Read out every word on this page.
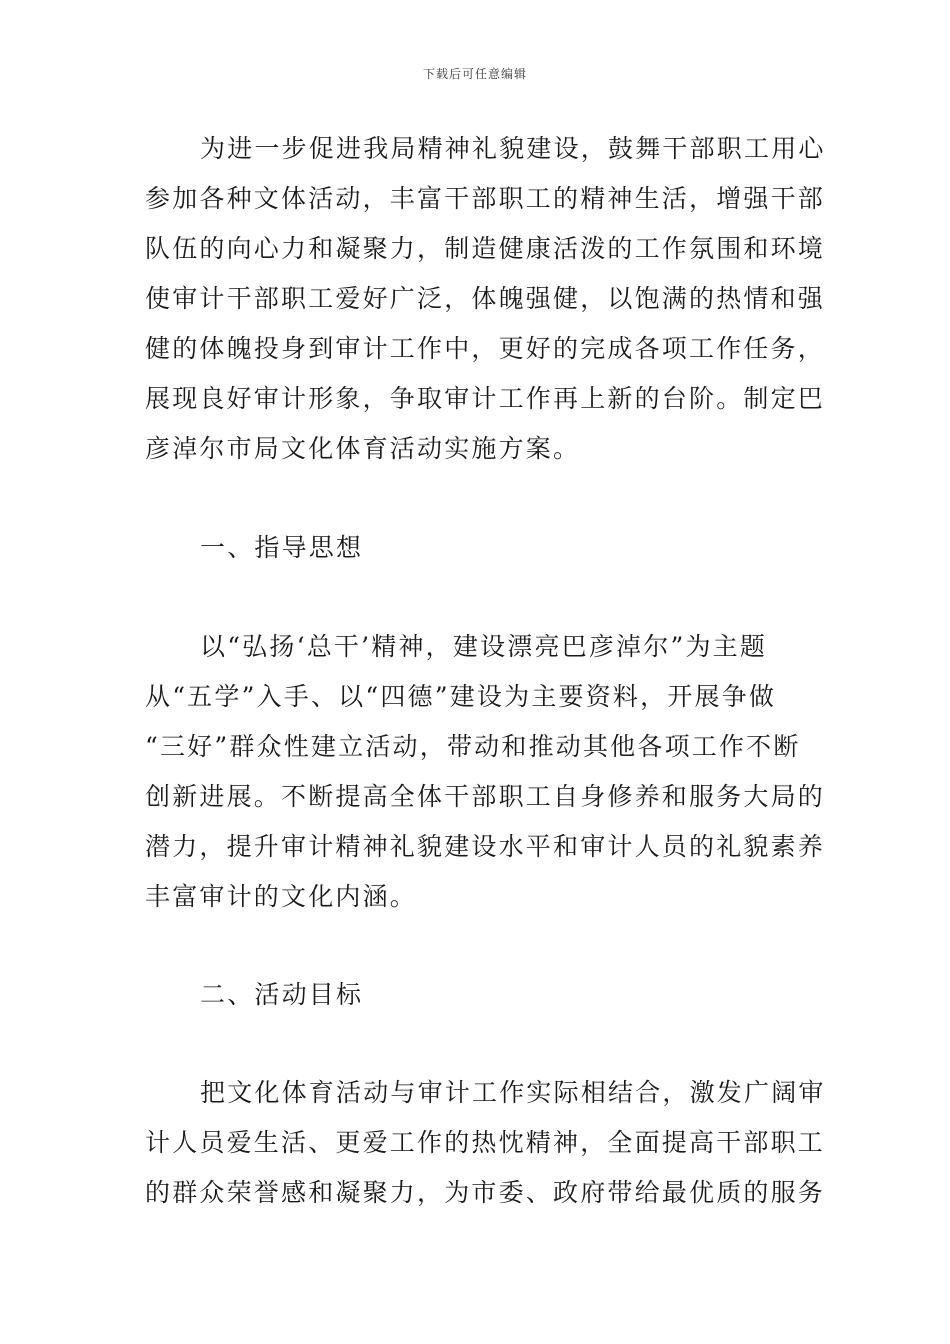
下载后可任意编辑
为进一步促进我局精神礼貌建设，鼓舞干部职工用心
参加各种文体活动，丰富干部职工的精神生活，增强干部
队伍的向心力和凝聚力，制造健康活泼的工作氛围和环境
使审计干部职工爱好广泛，体魄强健，以饱满的热情和强
健的体魄投身到审计工作中，更好的完成各项工作任务，
展现良好审计形象，争取审计工作再上新的台阶。制定巴
彦淖尔市局文化体育活动实施方案。
一、指导思想
以“弘扬‘总干’精神，建设漂亮巴彦淖尔”为主题
从“五学”入手、以“四德”建设为主要资料，开展争做
“三好”群众性建立活动，带动和推动其他各项工作不断
创新进展。不断提高全体干部职工自身修养和服务大局的
潜力，提升审计精神礼貌建设水平和审计人员的礼貌素养
丰富审计的文化内涵。
二、活动目标
把文化体育活动与审计工作实际相结合，激发广阔审
计人员爱生活、更爱工作的热忱精神，全面提高干部职工
的群众荣誉感和凝聚力，为市委、政府带给最优质的服务
